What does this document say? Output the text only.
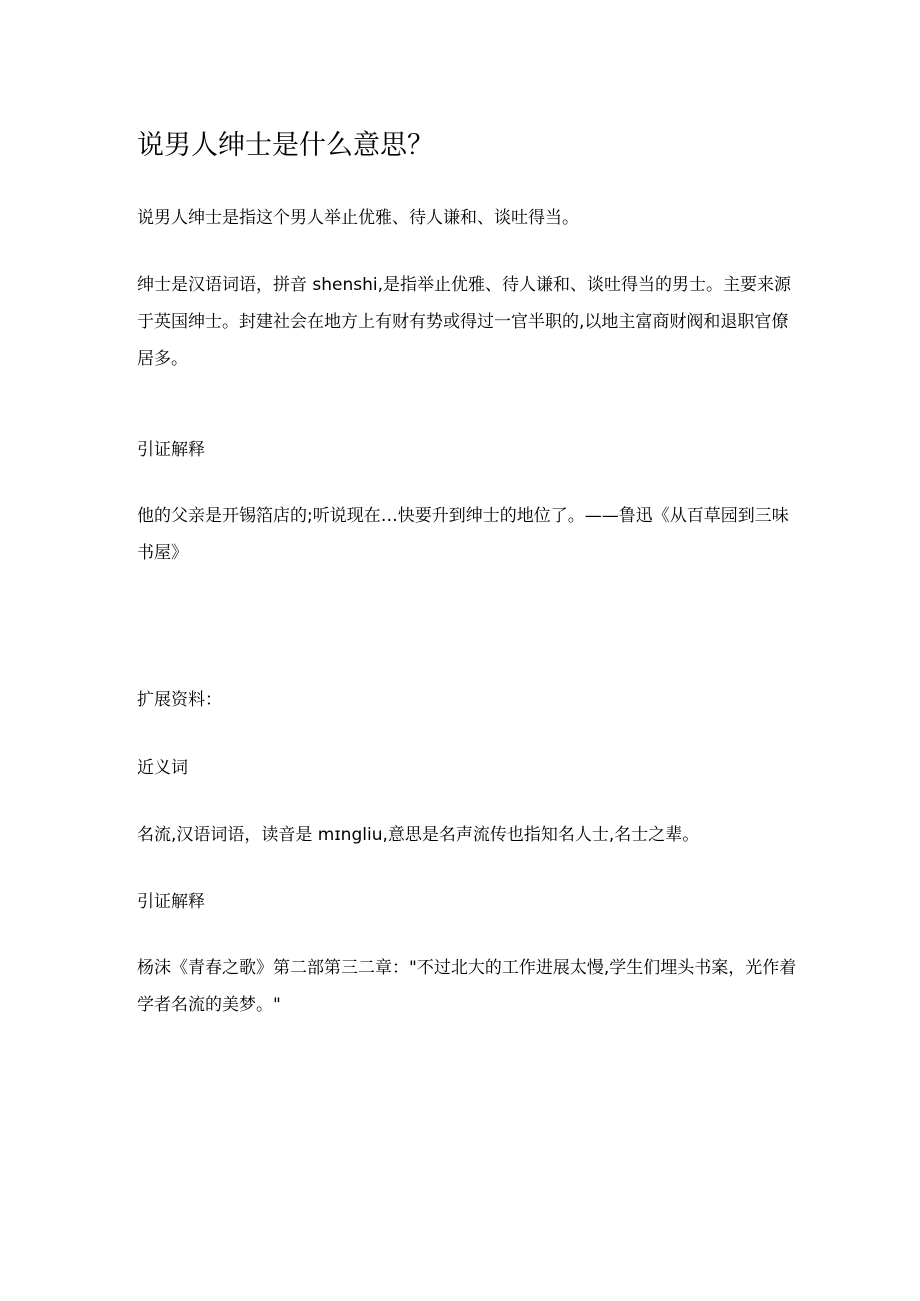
说男人绅士是什么意思？

说男人绅士是指这个男人举止优雅、待人谦和、谈吐得当。

绅士是汉语词语，拼音 shenshi,是指举止优雅、待人谦和、谈吐得当的男士。主要来源于英国绅士。封建社会在地方上有财有势或得过一官半职的,以地主富商财阀和退职官僚居多。

引证解释

他的父亲是开锡箔店的;听说现在…快要升到绅士的地位了。——鲁迅《从百草园到三味书屋》

扩展资料：

近义词

名流,汉语词语，读音是 mɪngliu,意思是名声流传也指知名人士,名士之辈。

引证解释

杨沫《青春之歌》第二部第三二章："不过北大的工作进展太慢,学生们埋头书案，光作着学者名流的美梦。"
